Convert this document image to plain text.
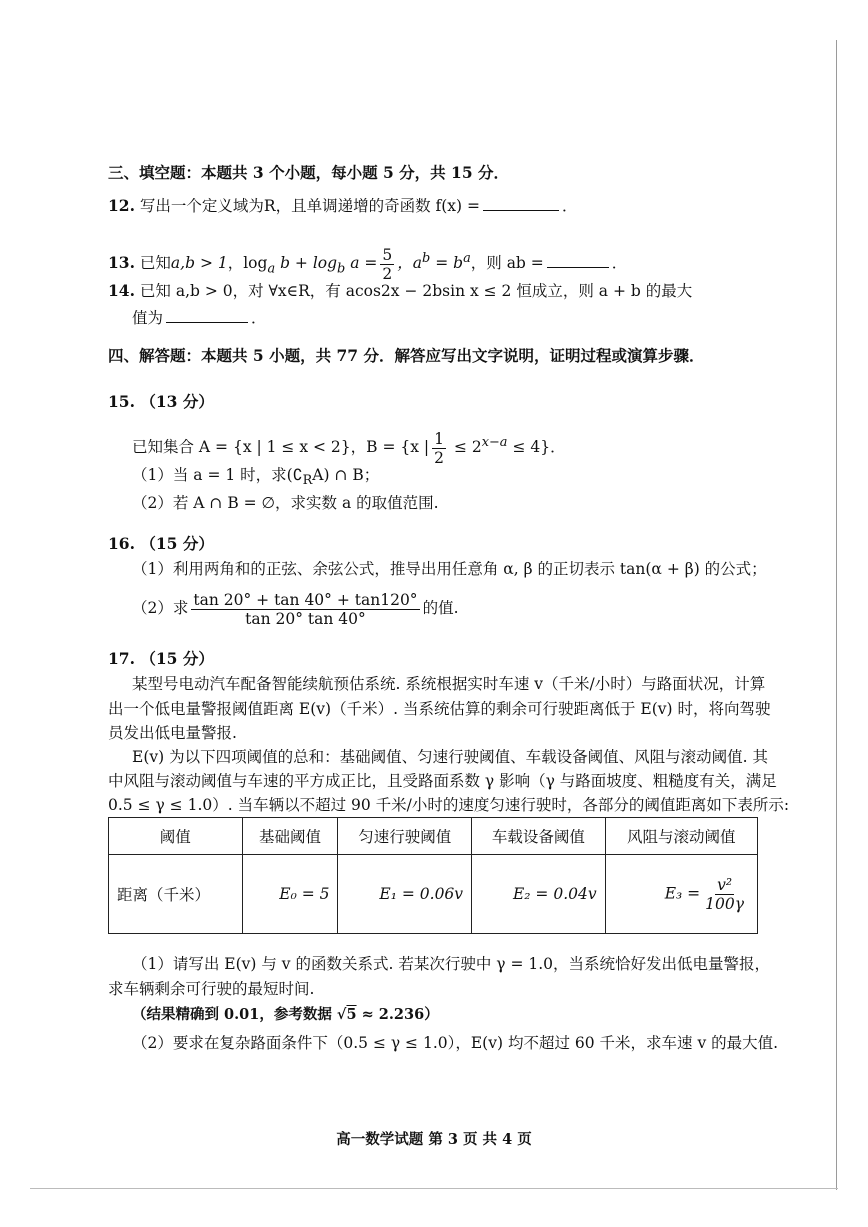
三、填空题：本题共 3 个小题，每小题 5 分，共 15 分．
12. 写出一个定义域为R，且单调递增的奇函数 f(x) =	．
13. 已知a,b > 1，$\log_a b + \log_b a = \frac{5}{2}$ ，$a^b = b^a$，则 ab =	．
14. 已知 a,b > 0，对 ∀x∈R，有 acos2x − 2bsin x ≤ 2 恒成立，则 a + b 的最大
值为	．
四、解答题：本题共 5 小题，共 77 分．解答应写出文字说明，证明过程或演算步骤．
15. （13 分）
已知集合 A = {x | 1 ≤ x < 2}，B = {x | $\frac{1}{2} \le 2^{x-a} \le 4$}．
（1）当 a = 1 时，求$(∁_RA)$ ∩ B；
（2）若 A ∩ B = ∅，求实数 a 的取值范围.
16. （15 分）
（1）利用两角和的正弦、余弦公式，推导出用任意角 α, β 的正切表示 tan(α + β) 的公式；
（2）求 $\frac{\tan 20^\circ + \tan 40^\circ + \tan 120^\circ}{\tan 20^\circ \tan 40^\circ}$ 的值.
17. （15 分）
某型号电动汽车配备智能续航预估系统. 系统根据实时车速 v（千米/小时）与路面状况，计算
出一个低电量警报阈值距离 E(v)（千米）. 当系统估算的剩余可行驶距离低于 E(v) 时，将向驾驶
员发出低电量警报.
E(v) 为以下四项阈值的总和：基础阈值、匀速行驶阈值、车载设备阈值、风阻与滚动阈值. 其
中风阻与滚动阈值与车速的平方成正比，且受路面系数 γ 影响（γ 与路面坡度、粗糙度有关，满足
0.5 ≤ γ ≤ 1.0）. 当车辆以不超过 90 千米/小时的速度匀速行驶时，各部分的阈值距离如下表所示:
阈值	基础阈值	匀速行驶阈值	车载设备阈值	风阻与滚动阈值
距离（千米）	E₀ = 5	E₁ = 0.06v	E₂ = 0.04v	$E_3 = \frac{\text{v²}}{100\gamma}$
（1）请写出 E(v) 与 v 的函数关系式. 若某次行驶中 γ = 1.0，当系统恰好发出低电量警报，
求车辆剩余可行驶的最短时间.
（结果精确到 0.01，参考数据 √5 ≈ 2.236）
（2）要求在复杂路面条件下（0.5 ≤ γ ≤ 1.0），E(v) 均不超过 60 千米，求车速 v 的最大值.
高一数学试题 第 3 页 共 4 页
